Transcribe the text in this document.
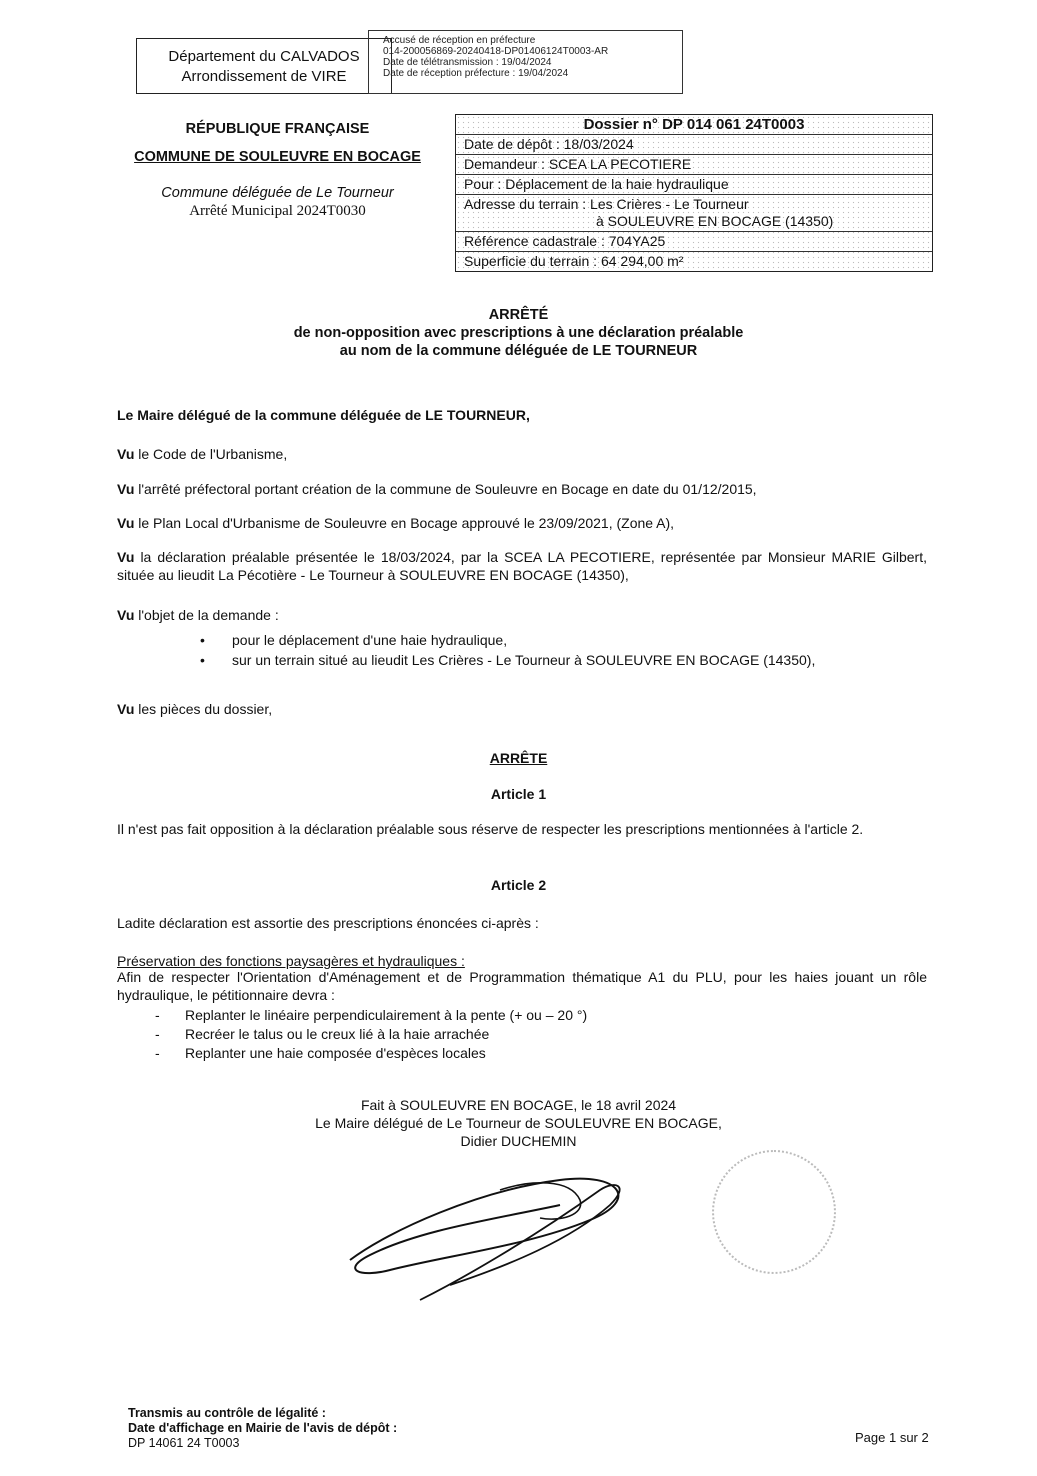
Département du CALVADOS
Arrondissement de VIRE
Accusé de réception en préfecture
014-200056869-20240418-DP01406124T0003-AR
Date de télétransmission : 19/04/2024
Date de réception préfecture : 19/04/2024
RÉPUBLIQUE FRANÇAISE
COMMUNE DE SOULEUVRE EN BOCAGE
Commune déléguée de Le Tourneur
Arrêté Municipal 2024T0030
Dossier n° DP 014 061 24T0003
Date de dépôt : 18/03/2024
Demandeur : SCEA LA PECOTIERE
Pour : Déplacement de la haie hydraulique
Adresse du terrain : Les Crières - Le Tourneur
à SOULEUVRE EN BOCAGE (14350)
Référence cadastrale : 704YA25
Superficie du terrain : 64 294,00 m²
ARRÊTÉ
de non-opposition avec prescriptions à une déclaration préalable
au nom de la commune déléguée de LE TOURNEUR
Le Maire délégué de la commune déléguée de LE TOURNEUR,
Vu le Code de l'Urbanisme,
Vu l'arrêté préfectoral portant création de la commune de Souleuvre en Bocage en date du 01/12/2015,
Vu le Plan Local d'Urbanisme de Souleuvre en Bocage approuvé le 23/09/2021, (Zone A),
Vu la déclaration préalable présentée le 18/03/2024, par la SCEA LA PECOTIERE, représentée par Monsieur MARIE Gilbert, située au lieudit La Pécotière - Le Tourneur à SOULEUVRE EN BOCAGE (14350),
Vu l'objet de la demande :
• pour le déplacement d'une haie hydraulique,
• sur un terrain situé au lieudit Les Crières - Le Tourneur à SOULEUVRE EN BOCAGE (14350),
Vu les pièces du dossier,
ARRÊTE
Article 1
Il n'est pas fait opposition à la déclaration préalable sous réserve de respecter les prescriptions mentionnées à l'article 2.
Article 2
Ladite déclaration est assortie des prescriptions énoncées ci-après :
Préservation des fonctions paysagères et hydrauliques :
Afin de respecter l'Orientation d'Aménagement et de Programmation thématique A1 du PLU, pour les haies jouant un rôle hydraulique, le pétitionnaire devra :
- Replanter le linéaire perpendiculairement à la pente (+ ou – 20 °)
- Recréer le talus ou le creux lié à la haie arrachée
- Replanter une haie composée d'espèces locales
Fait à SOULEUVRE EN BOCAGE, le 18 avril 2024
Le Maire délégué de Le Tourneur de SOULEUVRE EN BOCAGE,
Didier DUCHEMIN
Transmis au contrôle de légalité :
Date d'affichage en Mairie de l'avis de dépôt :
DP 14061 24 T0003	Page 1 sur 2
